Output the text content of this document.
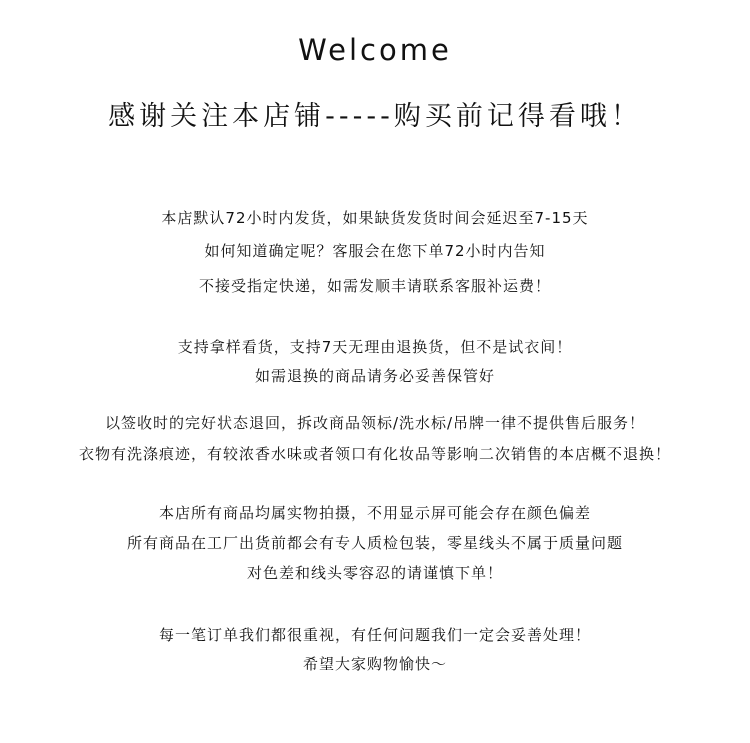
Welcome
感谢关注本店铺-----购买前记得看哦！
本店默认72小时内发货，如果缺货发货时间会延迟至7-15天
如何知道确定呢？客服会在您下单72小时内告知
不接受指定快递，如需发顺丰请联系客服补运费！
支持拿样看货，支持7天无理由退换货，但不是试衣间！
如需退换的商品请务必妥善保管好
以签收时的完好状态退回，拆改商品领标/洗水标/吊牌一律不提供售后服务！
衣物有洗涤痕迹，有较浓香水味或者领口有化妆品等影响二次销售的本店概不退换！
本店所有商品均属实物拍摄，不用显示屏可能会存在颜色偏差
所有商品在工厂出货前都会有专人质检包装，零星线头不属于质量问题
对色差和线头零容忍的请谨慎下单！
每一笔订单我们都很重视，有任何问题我们一定会妥善处理！
希望大家购物愉快～
